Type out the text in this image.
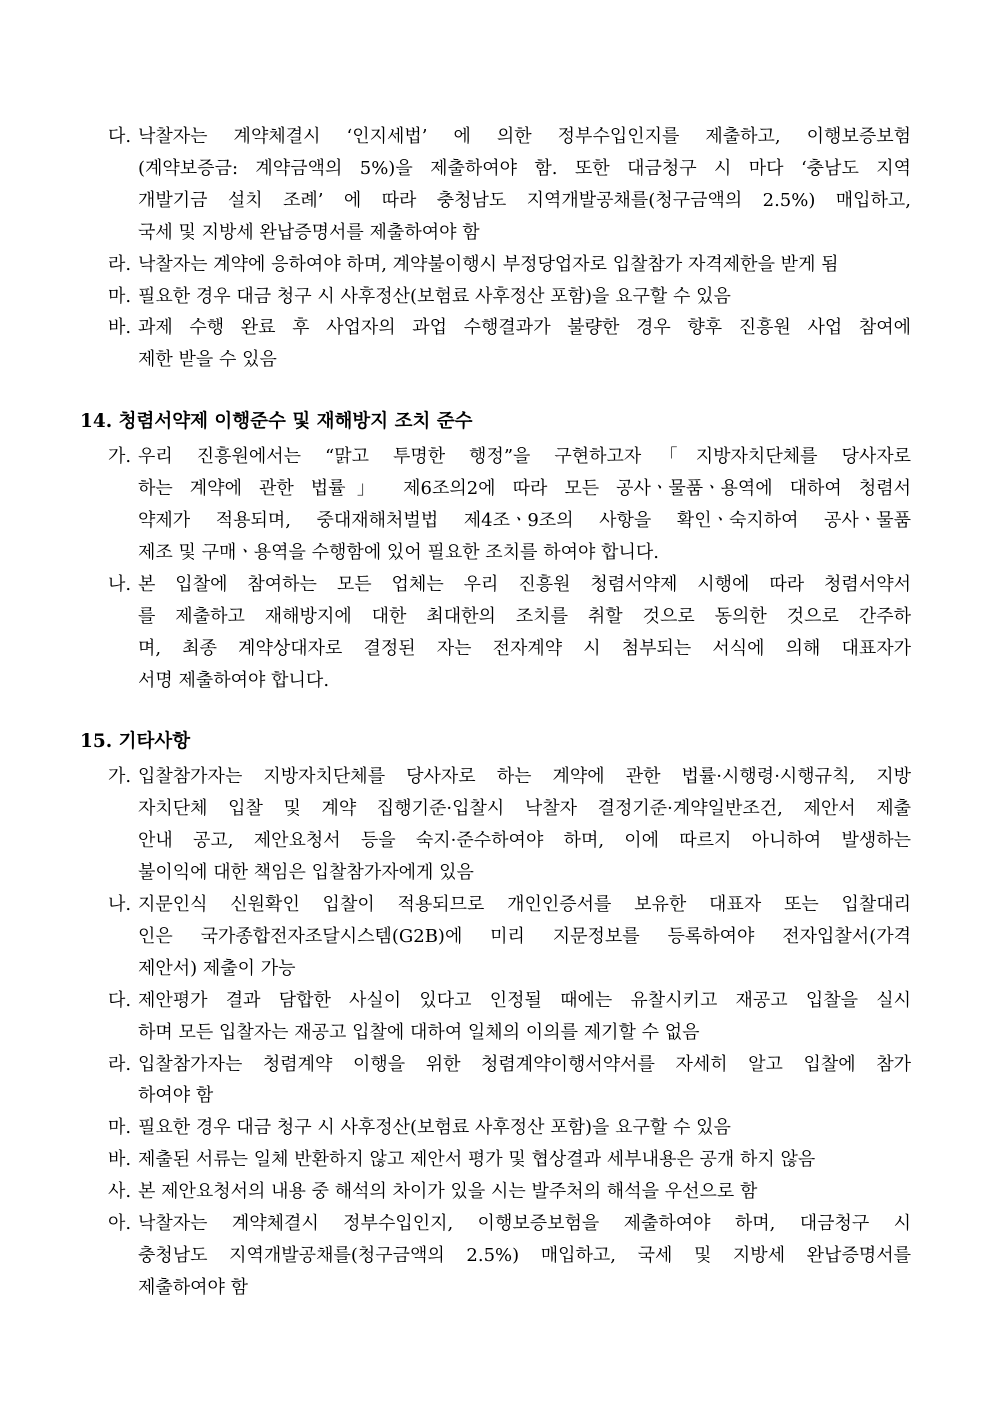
다. 낙찰자는 계약체결시 ‘인지세법’ 에 의한 정부수입인지를 제출하고, 이행보증보험
(계약보증금: 계약금액의 5%)을 제출하여야 함. 또한 대금청구 시 마다 ‘충남도 지역
개발기금 설치 조례’ 에 따라 충청남도 지역개발공채를(청구금액의 2.5%) 매입하고,
국세 및 지방세 완납증명서를 제출하여야 함
라. 낙찰자는 계약에 응하여야 하며, 계약불이행시 부정당업자로 입찰참가 자격제한을 받게 됨
마. 필요한 경우 대금 청구 시 사후정산(보험료 사후정산 포함)을 요구할 수 있음
바. 과제 수행 완료 후 사업자의 과업 수행결과가 불량한 경우 향후 진흥원 사업 참여에
제한 받을 수 있음
14. 청렴서약제 이행준수 및 재해방지 조치 준수
가. 우리 진흥원에서는 “맑고 투명한 행정”을 구현하고자「지방자치단체를 당사자로
하는 계약에 관한 법률」 제6조의2에 따라 모든 공사ㆍ물품ㆍ용역에 대하여 청렴서
약제가 적용되며, 중대재해처벌법 제4조ㆍ9조의 사항을 확인ㆍ숙지하여 공사ㆍ물품
제조 및 구매ㆍ용역을 수행함에 있어 필요한 조치를 하여야 합니다.
나. 본 입찰에 참여하는 모든 업체는 우리 진흥원 청렴서약제 시행에 따라 청렴서약서
를 제출하고 재해방지에 대한 최대한의 조치를 취할 것으로 동의한 것으로 간주하
며, 최종 계약상대자로 결정된 자는 전자계약 시 첨부되는 서식에 의해 대표자가
서명 제출하여야 합니다.
15. 기타사항
가. 입찰참가자는 지방자치단체를 당사자로 하는 계약에 관한 법률·시행령·시행규칙, 지방
자치단체 입찰 및 계약 집행기준·입찰시 낙찰자 결정기준·계약일반조건, 제안서 제출
안내 공고, 제안요청서 등을 숙지·준수하여야 하며, 이에 따르지 아니하여 발생하는
불이익에 대한 책임은 입찰참가자에게 있음
나. 지문인식 신원확인 입찰이 적용되므로 개인인증서를 보유한 대표자 또는 입찰대리
인은 국가종합전자조달시스템(G2B)에 미리 지문정보를 등록하여야 전자입찰서(가격
제안서) 제출이 가능
다. 제안평가 결과 담합한 사실이 있다고 인정될 때에는 유찰시키고 재공고 입찰을 실시
하며 모든 입찰자는 재공고 입찰에 대하여 일체의 이의를 제기할 수 없음
라. 입찰참가자는 청렴계약 이행을 위한 청렴계약이행서약서를 자세히 알고 입찰에 참가
하여야 함
마. 필요한 경우 대금 청구 시 사후정산(보험료 사후정산 포함)을 요구할 수 있음
바. 제출된 서류는 일체 반환하지 않고 제안서 평가 및 협상결과 세부내용은 공개 하지 않음
사. 본 제안요청서의 내용 중 해석의 차이가 있을 시는 발주처의 해석을 우선으로 함
아. 낙찰자는 계약체결시 정부수입인지, 이행보증보험을 제출하여야 하며, 대금청구 시
충청남도 지역개발공채를(청구금액의 2.5%) 매입하고, 국세 및 지방세 완납증명서를
제출하여야 함
